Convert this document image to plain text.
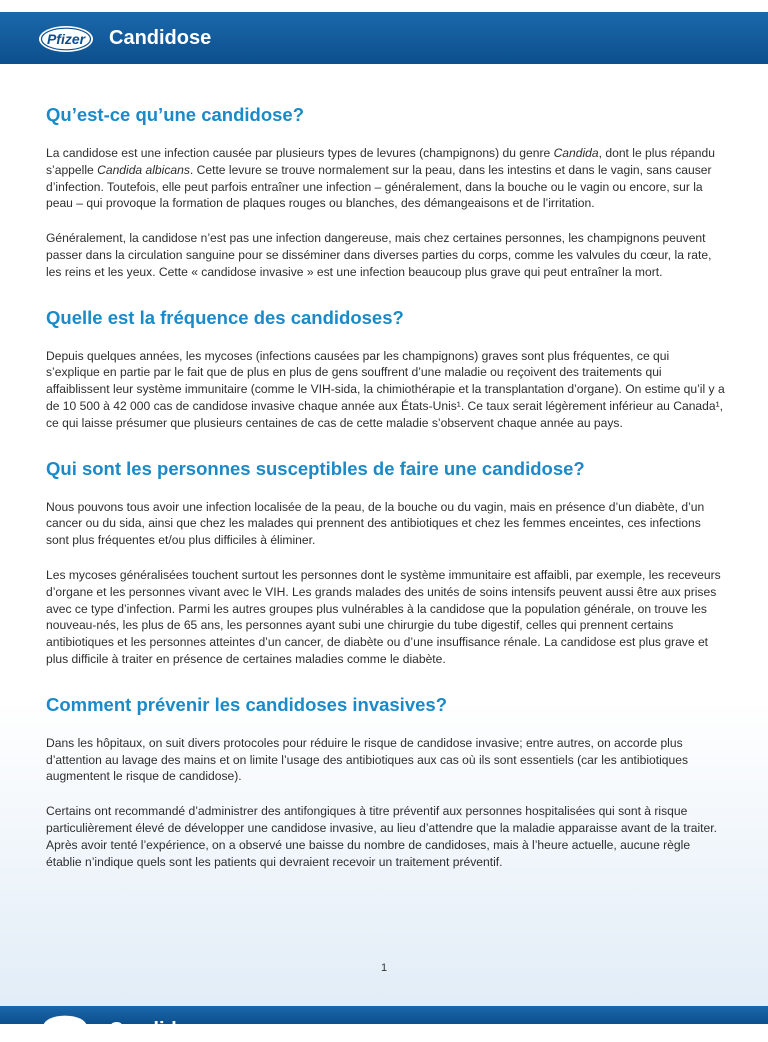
Pfizer Candidose
Qu’est-ce qu’une candidose?

La candidose est une infection causée par plusieurs types de levures (champignons) du genre Candida, dont le plus répandu s’appelle Candida albicans. Cette levure se trouve normalement sur la peau, dans les intestins et dans le vagin, sans causer d’infection. Toutefois, elle peut parfois entraîner une infection – généralement, dans la bouche ou le vagin ou encore, sur la peau – qui provoque la formation de plaques rouges ou blanches, des démangeaisons et de l’irritation.

Généralement, la candidose n’est pas une infection dangereuse, mais chez certaines personnes, les champignons peuvent passer dans la circulation sanguine pour se disséminer dans diverses parties du corps, comme les valvules du cœur, la rate, les reins et les yeux. Cette « candidose invasive » est une infection beaucoup plus grave qui peut entraîner la mort.

Quelle est la fréquence des candidoses?

Depuis quelques années, les mycoses (infections causées par les champignons) graves sont plus fréquentes, ce qui s’explique en partie par le fait que de plus en plus de gens souffrent d’une maladie ou reçoivent des traitements qui affaiblissent leur système immunitaire (comme le VIH-sida, la chimiothérapie et la transplantation d’organe). On estime qu’il y a de 10 500 à 42 000 cas de candidose invasive chaque année aux États-Unis¹. Ce taux serait légèrement inférieur au Canada¹, ce qui laisse présumer que plusieurs centaines de cas de cette maladie s’observent chaque année au pays.

Qui sont les personnes susceptibles de faire une candidose?

Nous pouvons tous avoir une infection localisée de la peau, de la bouche ou du vagin, mais en présence d’un diabète, d’un cancer ou du sida, ainsi que chez les malades qui prennent des antibiotiques et chez les femmes enceintes, ces infections sont plus fréquentes et/ou plus difficiles à éliminer.

Les mycoses généralisées touchent surtout les personnes dont le système immunitaire est affaibli, par exemple, les receveurs d’organe et les personnes vivant avec le VIH. Les grands malades des unités de soins intensifs peuvent aussi être aux prises avec ce type d’infection. Parmi les autres groupes plus vulnérables à la candidose que la population générale, on trouve les nouveau-nés, les plus de 65 ans, les personnes ayant subi une chirurgie du tube digestif, celles qui prennent certains antibiotiques et les personnes atteintes d’un cancer, de diabète ou d’une insuffisance rénale. La candidose est plus grave et plus difficile à traiter en présence de certaines maladies comme le diabète.

Comment prévenir les candidoses invasives?

Dans les hôpitaux, on suit divers protocoles pour réduire le risque de candidose invasive; entre autres, on accorde plus d’attention au lavage des mains et on limite l’usage des antibiotiques aux cas où ils sont essentiels (car les antibiotiques augmentent le risque de candidose).

Certains ont recommandé d’administrer des antifongiques à titre préventif aux personnes hospitalisées qui sont à risque particulièrement élevé de développer une candidose invasive, au lieu d’attendre que la maladie apparaisse avant de la traiter. Après avoir tenté l’expérience, on a observé une baisse du nombre de candidoses, mais à l’heure actuelle, aucune règle établie n’indique quels sont les patients qui devraient recevoir un traitement préventif.

1
Candidose
